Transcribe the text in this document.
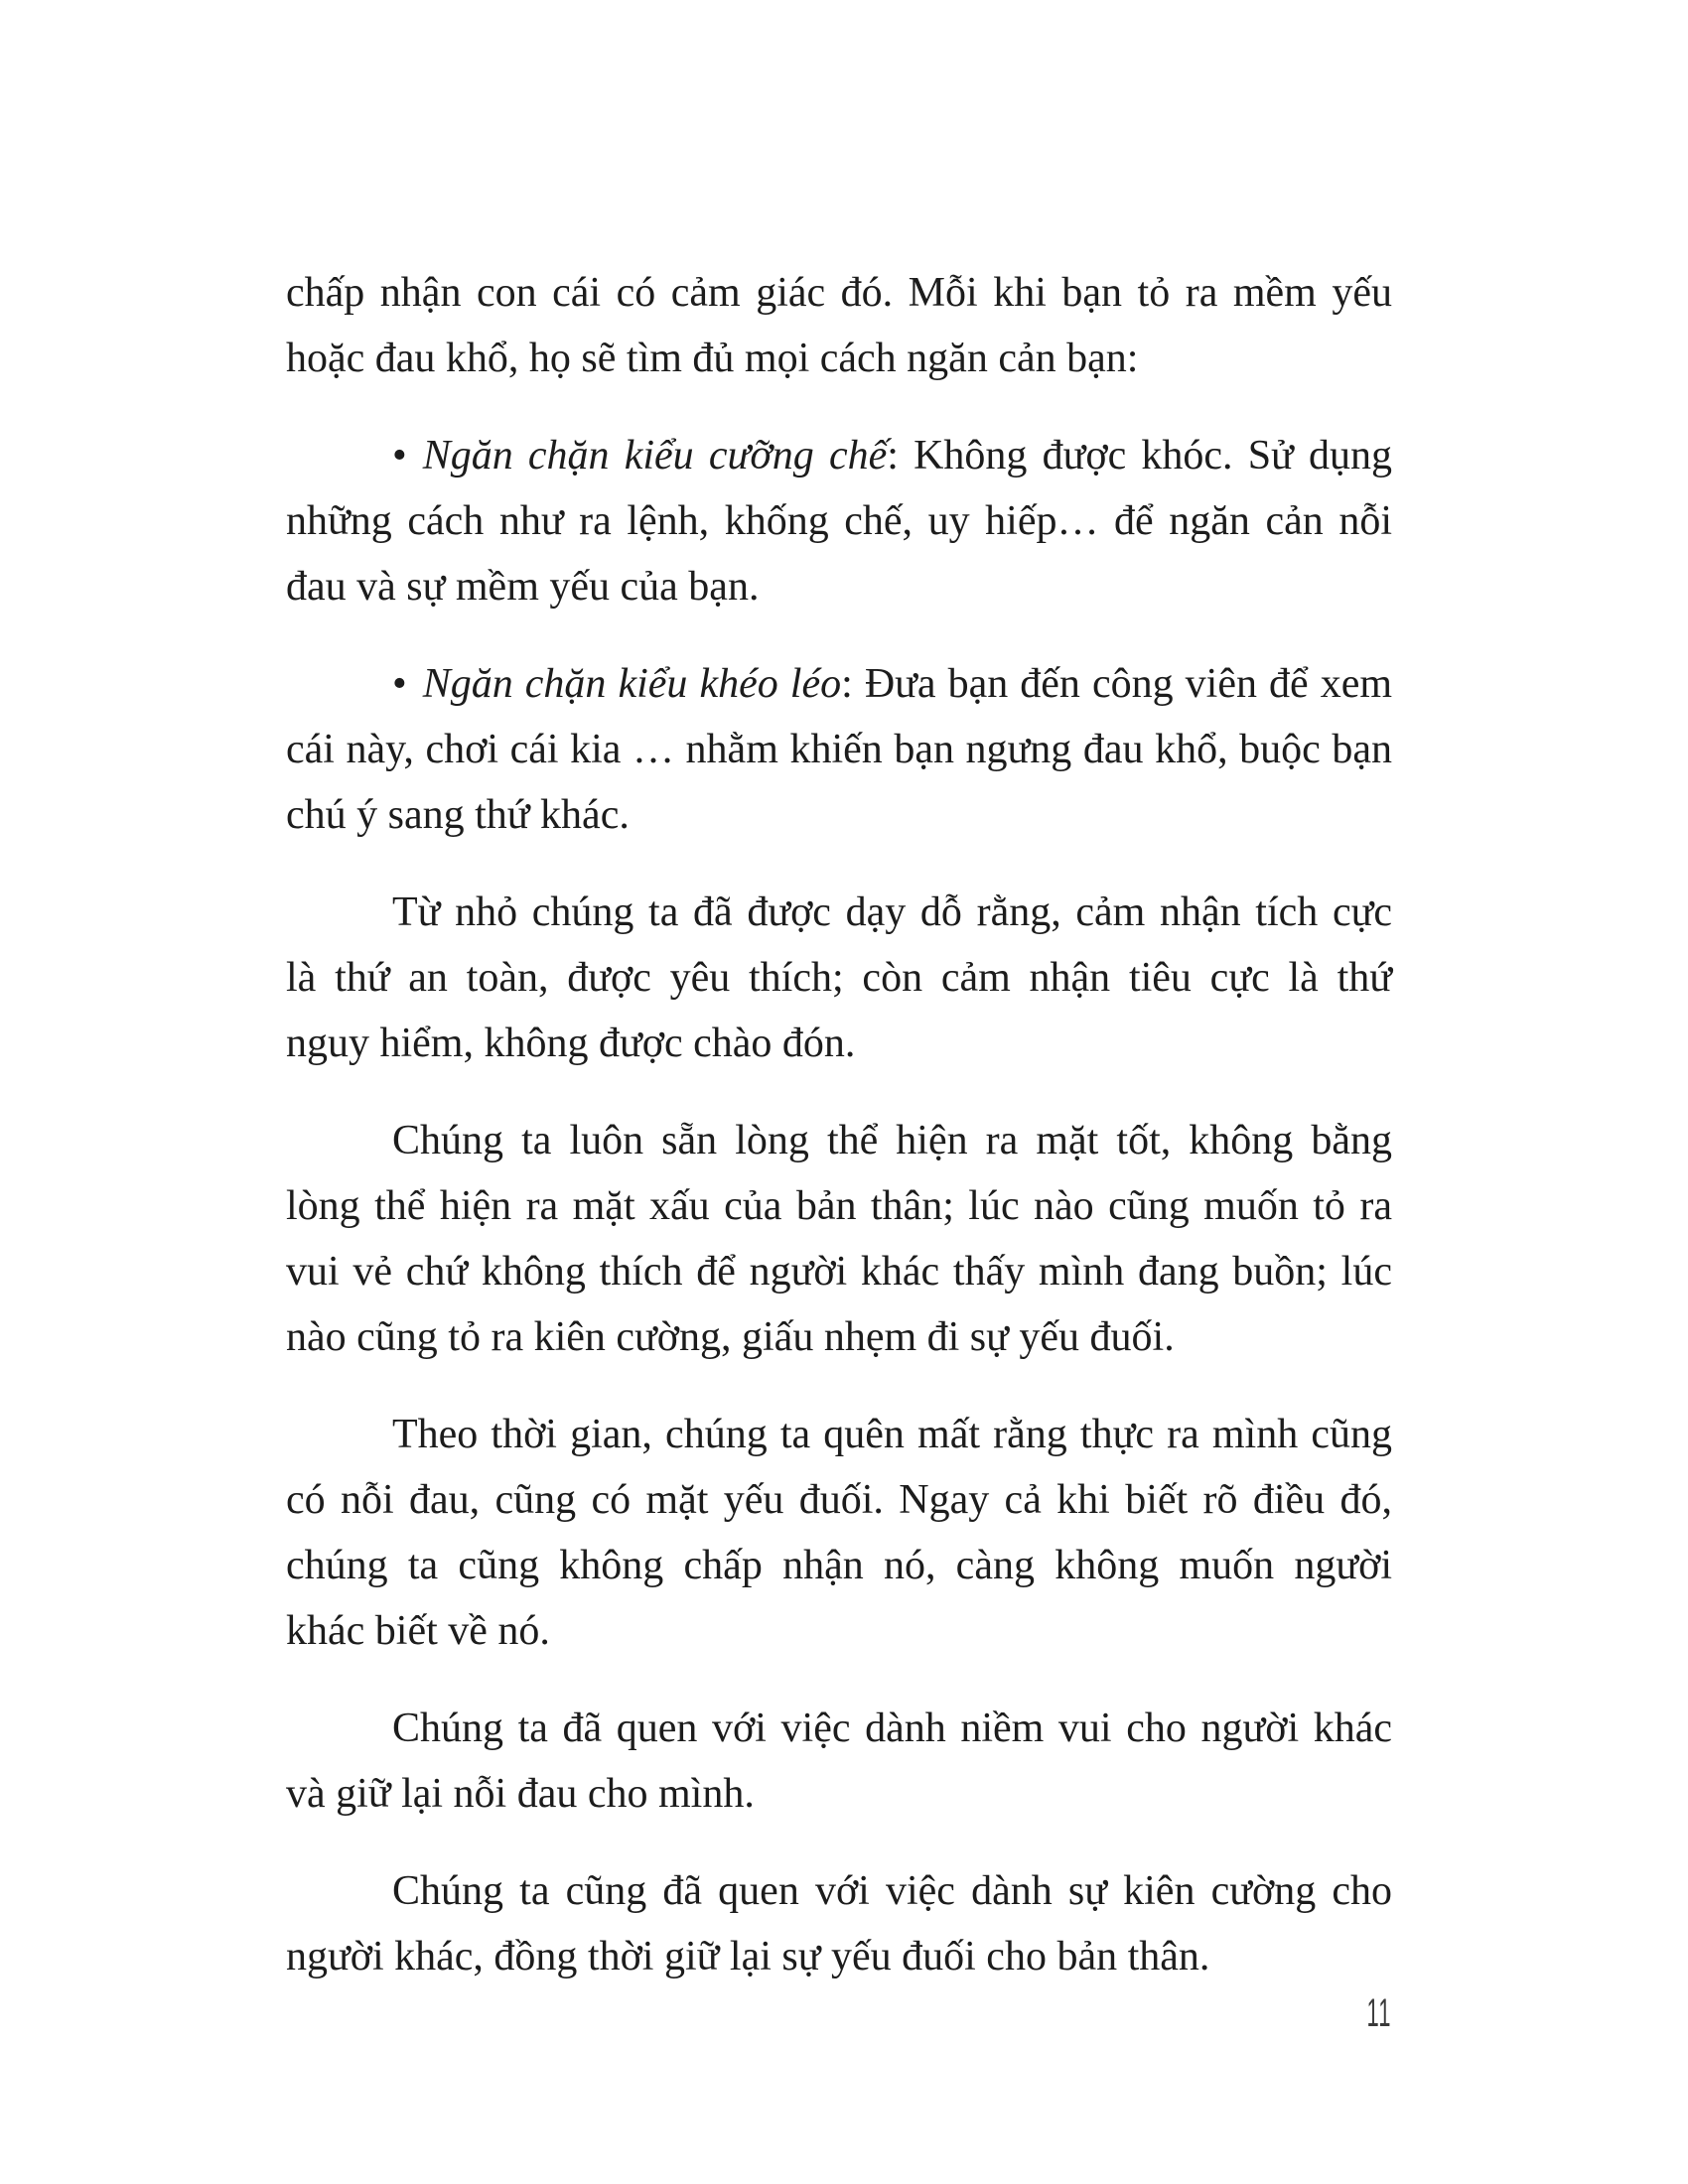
chấp nhận con cái có cảm giác đó. Mỗi khi bạn tỏ ra mềm yếu
hoặc đau khổ, họ sẽ tìm đủ mọi cách ngăn cản bạn:

• Ngăn chặn kiểu cưỡng chế: Không được khóc. Sử dụng
những cách như ra lệnh, khống chế, uy hiếp… để ngăn cản nỗi
đau và sự mềm yếu của bạn.

• Ngăn chặn kiểu khéo léo: Đưa bạn đến công viên để xem
cái này, chơi cái kia … nhằm khiến bạn ngưng đau khổ, buộc bạn
chú ý sang thứ khác.

Từ nhỏ chúng ta đã được dạy dỗ rằng, cảm nhận tích cực
là thứ an toàn, được yêu thích; còn cảm nhận tiêu cực là thứ
nguy hiểm, không được chào đón.

Chúng ta luôn sẵn lòng thể hiện ra mặt tốt, không bằng
lòng thể hiện ra mặt xấu của bản thân; lúc nào cũng muốn tỏ ra
vui vẻ chứ không thích để người khác thấy mình đang buồn; lúc
nào cũng tỏ ra kiên cường, giấu nhẹm đi sự yếu đuối.

Theo thời gian, chúng ta quên mất rằng thực ra mình cũng
có nỗi đau, cũng có mặt yếu đuối. Ngay cả khi biết rõ điều đó,
chúng ta cũng không chấp nhận nó, càng không muốn người
khác biết về nó.

Chúng ta đã quen với việc dành niềm vui cho người khác
và giữ lại nỗi đau cho mình.

Chúng ta cũng đã quen với việc dành sự kiên cường cho
người khác, đồng thời giữ lại sự yếu đuối cho bản thân.

11
